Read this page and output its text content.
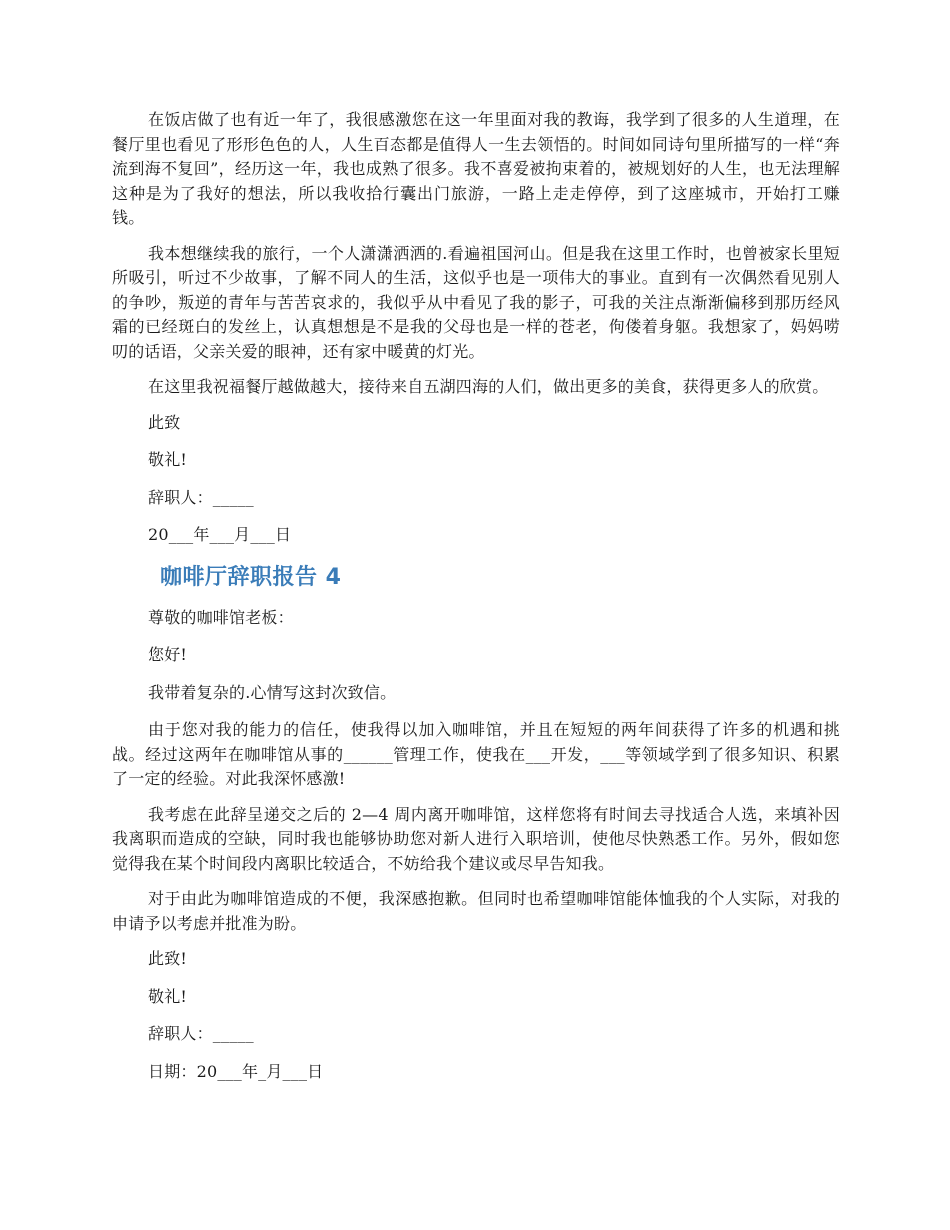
在饭店做了也有近一年了，我很感激您在这一年里面对我的教诲，我学到了很多的人生道理，在餐厅里也看见了形形色色的人，人生百态都是值得人一生去领悟的。时间如同诗句里所描写的一样“奔流到海不复回”，经历这一年，我也成熟了很多。我不喜爱被拘束着的，被规划好的人生，也无法理解这种是为了我好的想法，所以我收拾行囊出门旅游，一路上走走停停，到了这座城市，开始打工赚钱。

我本想继续我的旅行，一个人潇潇洒洒的.看遍祖国河山。但是我在这里工作时，也曾被家长里短所吸引，听过不少故事，了解不同人的生活，这似乎也是一项伟大的事业。直到有一次偶然看见别人的争吵，叛逆的青年与苦苦哀求的，我似乎从中看见了我的影子，可我的关注点渐渐偏移到那历经风霜的已经斑白的发丝上，认真想想是不是我的父母也是一样的苍老，佝偻着身躯。我想家了，妈妈唠叨的话语，父亲关爱的眼神，还有家中暖黄的灯光。

在这里我祝福餐厅越做越大，接待来自五湖四海的人们，做出更多的美食，获得更多人的欣赏。

此致

敬礼!

辞职人：_____

20___年___月___日

咖啡厅辞职报告 4

尊敬的咖啡馆老板：

您好!

我带着复杂的.心情写这封次致信。

由于您对我的能力的信任，使我得以加入咖啡馆，并且在短短的两年间获得了许多的机遇和挑战。经过这两年在咖啡馆从事的______管理工作，使我在___开发，___等领域学到了很多知识、积累了一定的经验。对此我深怀感激!

我考虑在此辞呈递交之后的 2—4 周内离开咖啡馆，这样您将有时间去寻找适合人选，来填补因我离职而造成的空缺，同时我也能够协助您对新人进行入职培训，使他尽快熟悉工作。另外，假如您觉得我在某个时间段内离职比较适合，不妨给我个建议或尽早告知我。

对于由此为咖啡馆造成的不便，我深感抱歉。但同时也希望咖啡馆能体恤我的个人实际，对我的申请予以考虑并批准为盼。

此致!

敬礼!

辞职人：_____

日期：20___年_月___日
